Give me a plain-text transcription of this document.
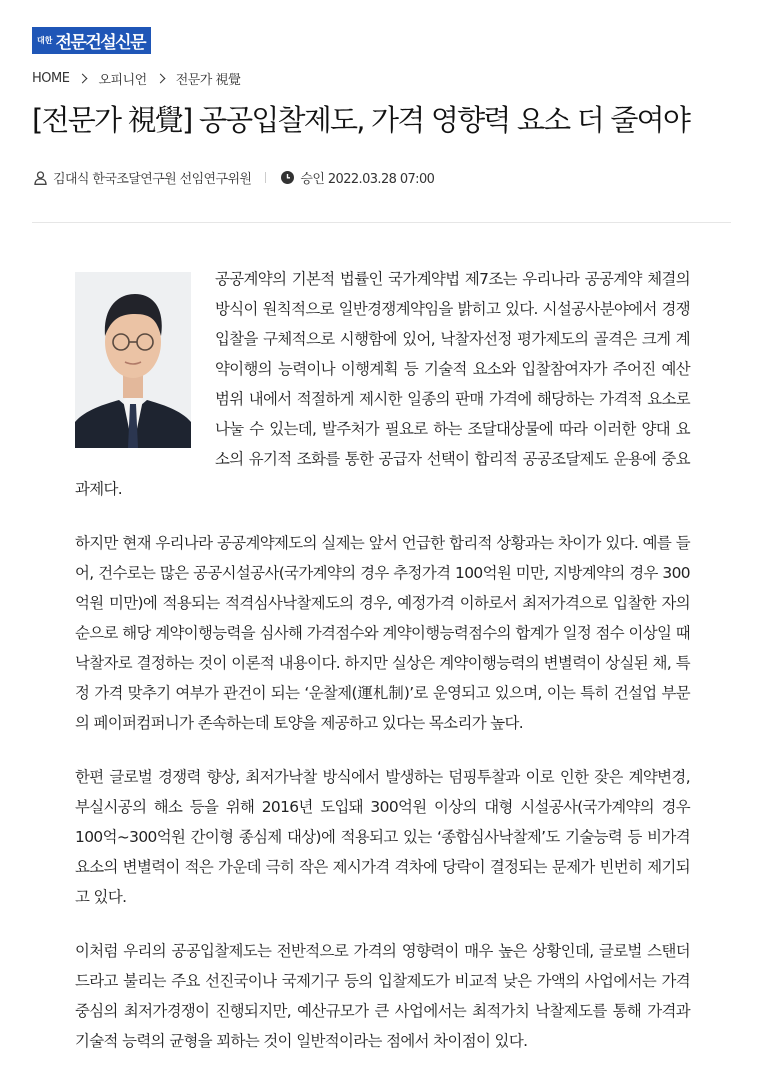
대한 전문건설신문
HOME 오피니언 전문가 視覺
[전문가 視覺] 공공입찰제도, 가격 영향력 요소 더 줄여야
김대식 한국조달연구원 선임연구위원	승인 2022.03.28 07:00

공공계약의 기본적 법률인 국가계약법 제7조는 우리나라 공공계약 체결의 방식이 원칙적으로 일반경쟁계약임을 밝히고 있다. 시설공사분야에서 경쟁입찰을 구체적으로 시행함에 있어, 낙찰자선정 평가제도의 골격은 크게 계약이행의 능력이나 이행계획 등 기술적 요소와 입찰참여자가 주어진 예산 범위 내에서 적절하게 제시한 일종의 판매 가격에 해당하는 가격적 요소로 나눌 수 있는데, 발주처가 필요로 하는 조달대상물에 따라 이러한 양대 요소의 유기적 조화를 통한 공급자 선택이 합리적 공공조달제도 운용에 중요 과제다.

하지만 현재 우리나라 공공계약제도의 실제는 앞서 언급한 합리적 상황과는 차이가 있다. 예를 들어, 건수로는 많은 공공시설공사(국가계약의 경우 추정가격 100억원 미만, 지방계약의 경우 300억원 미만)에 적용되는 적격심사낙찰제도의 경우, 예정가격 이하로서 최저가격으로 입찰한 자의 순으로 해당 계약이행능력을 심사해 가격점수와 계약이행능력점수의 합계가 일정 점수 이상일 때 낙찰자로 결정하는 것이 이론적 내용이다. 하지만 실상은 계약이행능력의 변별력이 상실된 채, 특정 가격 맞추기 여부가 관건이 되는 ‘운찰제(運札制)’로 운영되고 있으며, 이는 특히 건설업 부문의 페이퍼컴퍼니가 존속하는데 토양을 제공하고 있다는 목소리가 높다.

한편 글로벌 경쟁력 향상, 최저가낙찰 방식에서 발생하는 덤핑투찰과 이로 인한 잦은 계약변경, 부실시공의 해소 등을 위해 2016년 도입돼 300억원 이상의 대형 시설공사(국가계약의 경우 100억~300억원 간이형 종심제 대상)에 적용되고 있는 ‘종합심사낙찰제’도 기술능력 등 비가격 요소의 변별력이 적은 가운데 극히 작은 제시가격 격차에 당락이 결정되는 문제가 빈번히 제기되고 있다.

이처럼 우리의 공공입찰제도는 전반적으로 가격의 영향력이 매우 높은 상황인데, 글로벌 스탠더드라고 불리는 주요 선진국이나 국제기구 등의 입찰제도가 비교적 낮은 가액의 사업에서는 가격 중심의 최저가경쟁이 진행되지만, 예산규모가 큰 사업에서는 최적가치 낙찰제도를 통해 가격과 기술적 능력의 균형을 꾀하는 것이 일반적이라는 점에서 차이점이 있다.
